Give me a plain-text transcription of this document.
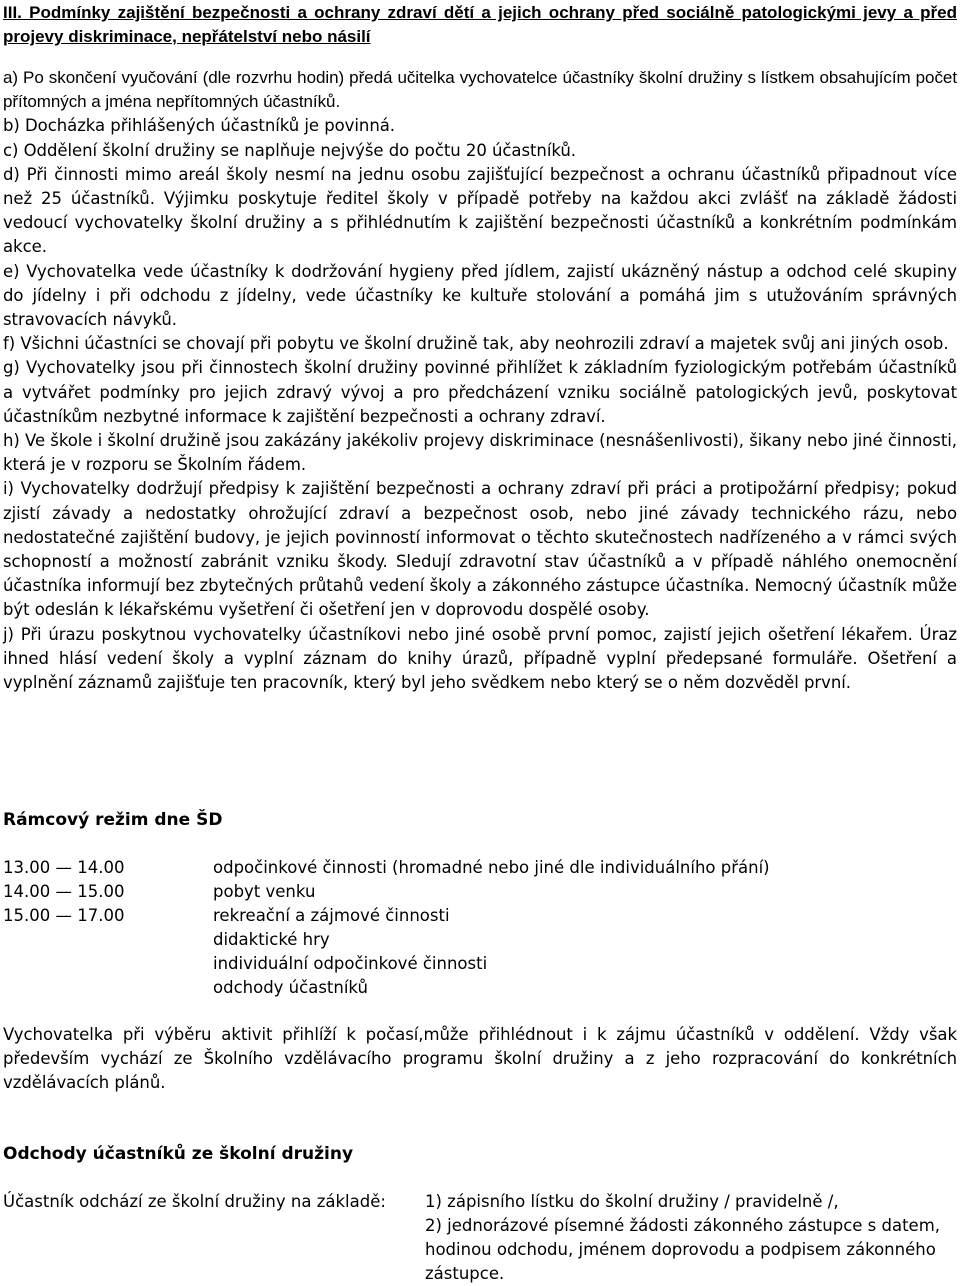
III. Podmínky zajištění bezpečnosti a ochrany zdraví dětí a jejich ochrany před sociálně patologickými jevy a před projevy diskriminace, nepřátelství nebo násilí

a) Po skončení vyučování (dle rozvrhu hodin) předá učitelka vychovatelce účastníky školní družiny s lístkem obsahujícím počet přítomných a jména nepřítomných účastníků.

b) Docházka přihlášených účastníků je povinná.

c) Oddělení školní družiny se naplňuje nejvýše do počtu 20 účastníků.

d) Při činnosti mimo areál školy nesmí na jednu osobu zajišťující bezpečnost a ochranu účastníků připadnout více než 25 účastníků. Výjimku poskytuje ředitel školy v případě potřeby na každou akci zvlášť na základě žádosti vedoucí vychovatelky školní družiny a s přihlédnutím k zajištění bezpečnosti účastníků a konkrétním podmínkám akce.

e) Vychovatelka vede účastníky k dodržování hygieny před jídlem, zajistí ukázněný nástup a odchod celé skupiny do jídelny i při odchodu z jídelny, vede účastníky ke kultuře stolování a pomáhá jim s utužováním správných stravovacích návyků.

f) Všichni účastníci se chovají při pobytu ve školní družině tak, aby neohrozili zdraví a majetek svůj ani jiných osob.

g) Vychovatelky jsou při činnostech školní družiny povinné přihlížet k základním fyziologickým potřebám účastníků a vytvářet podmínky pro jejich zdravý vývoj a pro předcházení vzniku sociálně patologických jevů, poskytovat účastníkům nezbytné informace k zajištění bezpečnosti a ochrany zdraví.

h) Ve škole i školní družině jsou zakázány jakékoliv projevy diskriminace (nesnášenlivosti), šikany nebo jiné činnosti, která je v rozporu se Školním řádem.

i) Vychovatelky dodržují předpisy k zajištění bezpečnosti a ochrany zdraví při práci a protipožární předpisy; pokud zjistí závady a nedostatky ohrožující zdraví a bezpečnost osob, nebo jiné závady technického rázu, nebo nedostatečné zajištění budovy, je jejich povinností informovat o těchto skutečnostech nadřízeného a v rámci svých schopností a možností zabránit vzniku škody. Sledují zdravotní stav účastníků a v případě náhlého onemocnění účastníka informují bez zbytečných průtahů vedení školy a zákonného zástupce účastníka. Nemocný účastník může být odeslán k lékařskému vyšetření či ošetření jen v doprovodu dospělé osoby.

j) Při úrazu poskytnou vychovatelky účastníkovi nebo jiné osobě první pomoc, zajistí jejich ošetření lékařem. Úraz ihned hlásí vedení školy a vyplní záznam do knihy úrazů, případně vyplní předepsané formuláře. Ošetření a vyplnění záznamů zajišťuje ten pracovník, který byl jeho svědkem nebo který se o něm dozvěděl první.

Rámcový režim dne ŠD

13.00 — 14.00	odpočinkové činnosti (hromadné nebo jiné dle individuálního přání)
14.00 — 15.00	pobyt venku
15.00 — 17.00	rekreační a zájmové činnosti
didaktické hry
individuální odpočinkové činnosti
odchody účastníků

Vychovatelka při výběru aktivit přihlíží k počasí,může přihlédnout i k zájmu účastníků v oddělení. Vždy však především vychází ze Školního vzdělávacího programu školní družiny a z jeho rozpracování do konkrétních vzdělávacích plánů.

Odchody účastníků ze školní družiny

Účastník odchází ze školní družiny na základě:	1) zápisního lístku do školní družiny / pravidelně /,
2) jednorázové písemné žádosti zákonného zástupce s datem, hodinou odchodu, jménem doprovodu a podpisem zákonného zástupce.
